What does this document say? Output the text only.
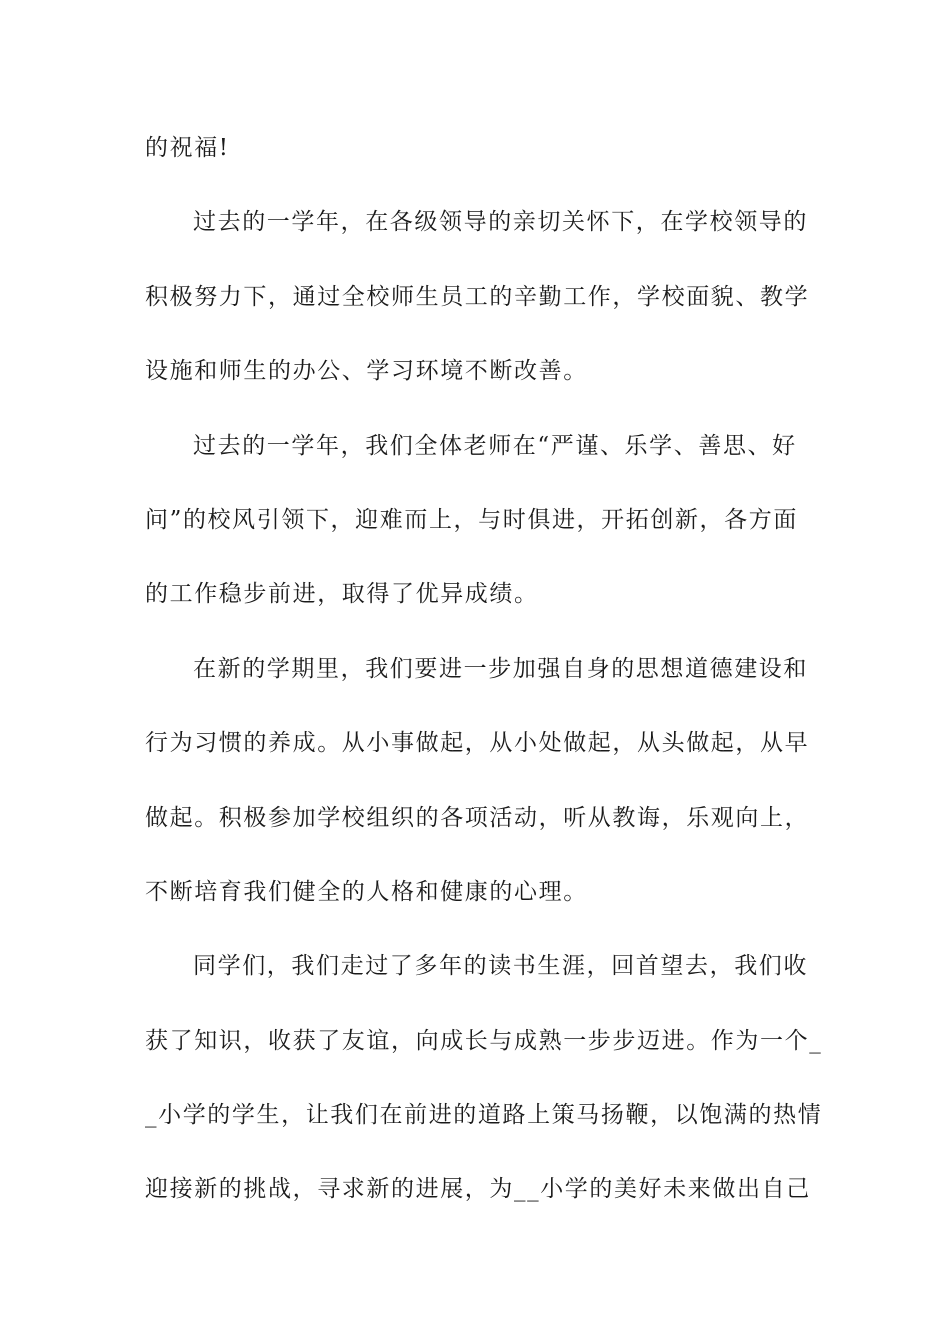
的祝福!
过去的一学年，在各级领导的亲切关怀下，在学校领导的
积极努力下，通过全校师生员工的辛勤工作，学校面貌、教学
设施和师生的办公、学习环境不断改善。
过去的一学年，我们全体老师在“严谨、乐学、善思、好
问”的校风引领下，迎难而上，与时俱进，开拓创新，各方面
的工作稳步前进，取得了优异成绩。
在新的学期里，我们要进一步加强自身的思想道德建设和
行为习惯的养成。从小事做起，从小处做起，从头做起，从早
做起。积极参加学校组织的各项活动，听从教诲，乐观向上，
不断培育我们健全的人格和健康的心理。
同学们，我们走过了多年的读书生涯，回首望去，我们收
获了知识，收获了友谊，向成长与成熟一步步迈进。作为一个_
_小学的学生，让我们在前进的道路上策马扬鞭，以饱满的热情
迎接新的挑战，寻求新的进展，为__小学的美好未来做出自己
